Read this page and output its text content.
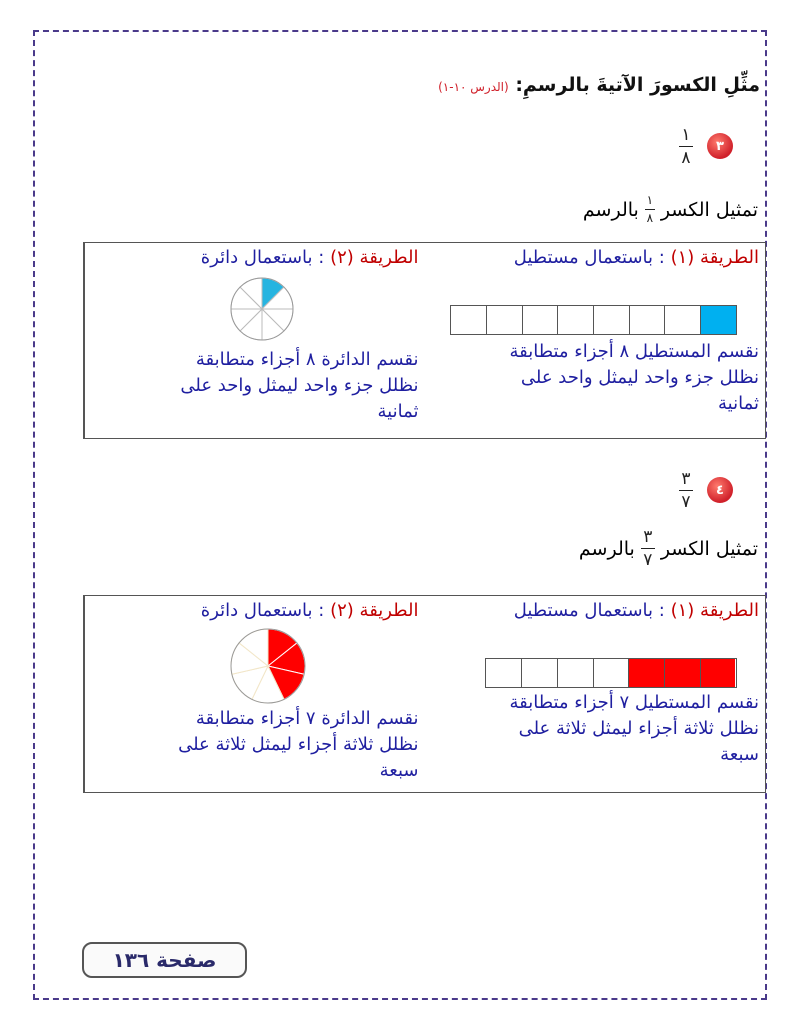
مثِّلِ الكسورَ الآتيةَ بالرسمِ: (الدرس ١٠-١)
٣
١
٨
تمثيل الكسر
$\frac{١}{٨}$
بالرسم
الطريقة (٢) : باستعمال دائرة
نقسم الدائرة ٨ أجزاء متطابقة
نظلل جزء واحد ليمثل واحد على
ثمانية
الطريقة (١) : باستعمال مستطيل
نقسم المستطيل ٨ أجزاء متطابقة
نظلل جزء واحد ليمثل واحد على
ثمانية
٤
٣
٧
تمثيل الكسر
$\frac{٣}{٧}$
بالرسم
الطريقة (٢) : باستعمال دائرة
نقسم الدائرة ٧ أجزاء متطابقة
نظلل ثلاثة أجزاء ليمثل ثلاثة على
سبعة
الطريقة (١) : باستعمال مستطيل
نقسم المستطيل ٧ أجزاء متطابقة
نظلل ثلاثة أجزاء ليمثل ثلاثة على
سبعة
صفحة ١٣٦
